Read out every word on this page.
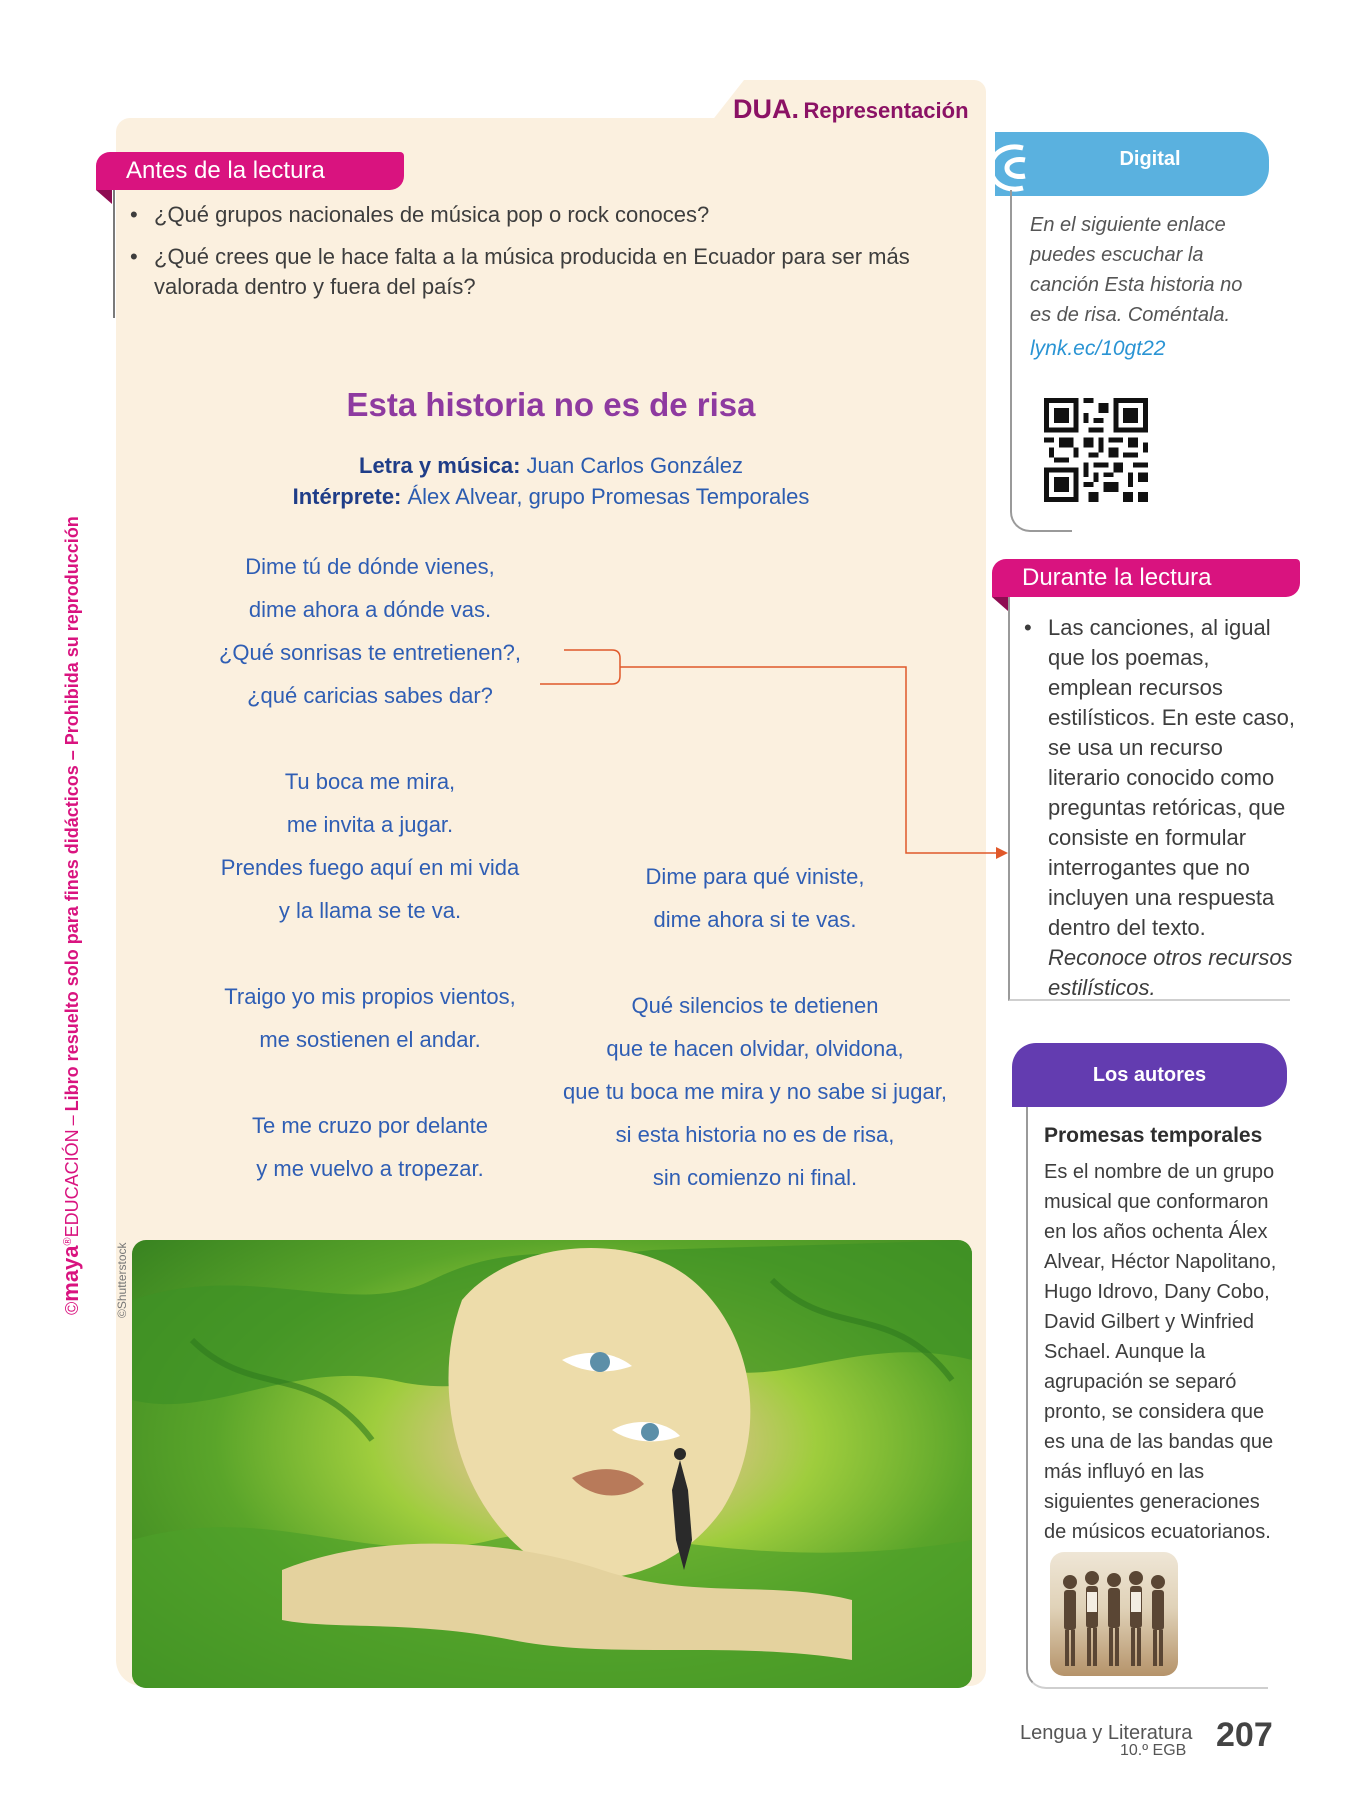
DUA. Representación
Antes de la lectura
• ¿Qué grupos nacionales de música pop o rock conoces?
• ¿Qué crees que le hace falta a la música producida en Ecuador para ser más valorada dentro y fuera del país?
Esta historia no es de risa
Letra y música: Juan Carlos González
Intérprete: Álex Alvear, grupo Promesas Temporales

Dime tú de dónde vienes,

dime ahora a dónde vas.

¿Qué sonrisas te entretienen?,

¿qué caricias sabes dar?

Tu boca me mira,

me invita a jugar.

Prendes fuego aquí en mi vida

y la llama se te va.

Traigo yo mis propios vientos,

me sostienen el andar.

Te me cruzo por delante

y me vuelvo a tropezar.

Dime para qué viniste,

dime ahora si te vas.

Qué silencios te detienen

que te hacen olvidar, olvidona,

que tu boca me mira y no sabe si jugar,

si esta historia no es de risa,

sin comienzo ni final.

©maya®EDUCACIÓN–Libro resuelto solo para fines didácticos – Prohibida su reproducción
©Shutterstock
Digital

En el siguiente enlace puedes escuchar la canción Esta historia no es de risa. Coméntala.

lynk.ec/10gt22
Durante la lectura
• Las canciones, al igual que los poemas, emplean recursos estilísticos. En este caso, se usa un recurso literario conocido como preguntas retóricas, que consiste en formular interrogantes que no incluyen una respuesta dentro del texto.
Reconoce otros recursos estilísticos.
Los autores
Promesas temporales

Es el nombre de un grupo musical que conformaron en los años ochenta Álex Alvear, Héctor Napolitano, Hugo Idrovo, Dany Cobo, David Gilbert y Winfried Schael. Aunque la agrupación se separó pronto, se considera que es una de las bandas que más influyó en las siguientes generaciones de músicos ecuatorianos.

Lengua y Literatura
10.º EGB 207
